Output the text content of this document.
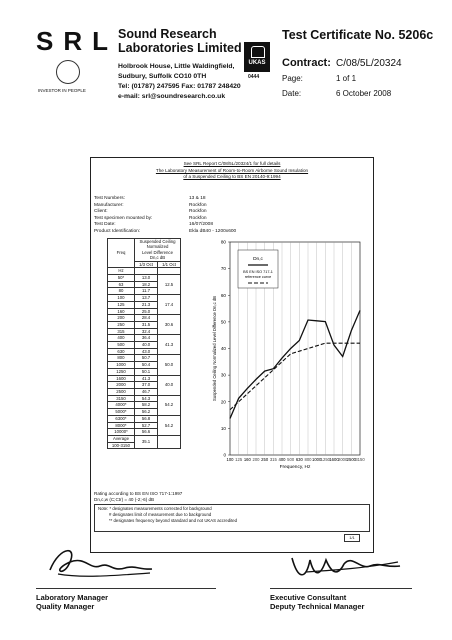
SRL Sound Research
Laboratories Limited
Test Certificate No. 5206c
INVESTOR IN PEOPLE
UKAS
0444
Holbrook House, Little Waldingfield,
Sudbury, Suffolk CO10 0TH
Tel: (01787) 247595 Fax: 01787 248420
e-mail: srl@soundresearch.co.uk
Contract: C/08/5L/20324
Page:	1 of 1
Date:	6 October 2008
See SRL Report C/08/5L/20324/1 for full details
The Laboratory Measurement of Room-to-Room Airborne Sound Insulation
of a Suspended Ceiling to BS EN 20140-9:1994
Test Numbers:	13 & 18
Manufacturer:	Rockfon
Client:	Rockfon
Test specimen mounted by:	Rockfon
Test Date:	16/07/2008
Product Identification:	Ekla dB40 - 1200x600
Freq	Suspended Ceiling
Normalized
Level Difference
Dn,c dB	

	1/3 Oct	1/1 Oct
Hz		
50*	13.0	12.5
63	18.2	
80	11.7	
100	13.7	17.4
125	21.3	
160	25.0	
200	28.4	30.6
250	31.5	
315	32.4	
400	36.4	41.3
500	40.0	
630	43.0	
800	50.7	50.0
1000	50.4	
1250	50.1	
1600	41.3	40.0
2000	37.0	
2500	46.7	
3150	54.3	54.2
4000*	58.2	
5000*	56.2	
6300*	56.8	54.2
8000*	52.7	
10000*	56.6	
Average	35.1	
100-3150		
0
10
20
30
40
50
60
70
80
100 160 250 400 630 1000 1600 2500
125 200 315 500 800 1250 2000 3150
Frequency, Hz
Suspended Ceiling Normalized Level Difference Dn,c dB
Dn,c
BS EN ISO 717-1
reference curve
Rating according to BS EN ISO 717-1:1997
Dn,c,w (C;Ctr) = 40 (-2;-6) dB
Note: * designates measurements corrected for background
# designates limit of measurement due to background
** designates frequency beyond standard and not UKAS accredited
1/1
Laboratory Manager
Quality Manager
Executive Consultant
Deputy Technical Manager
